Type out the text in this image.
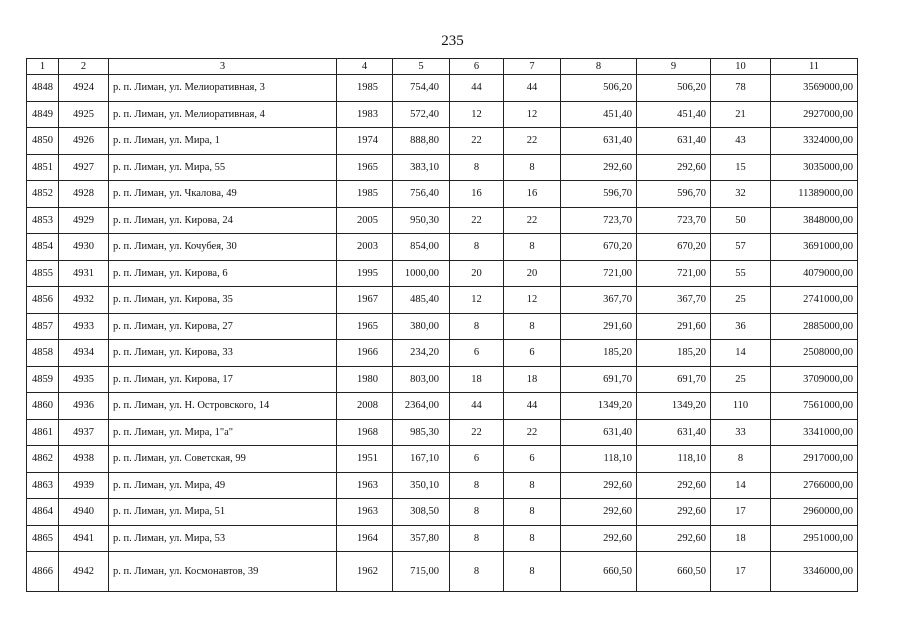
235
1	2	3	4	5	6	7	8	9	10	11
4848	4924	р. п. Лиман, ул. Мелиоративная, 3	1985	754,40	44	44	506,20	506,20	78	3569000,00
4849	4925	р. п. Лиман, ул. Мелиоративная, 4	1983	572,40	12	12	451,40	451,40	21	2927000,00
4850	4926	р. п. Лиман, ул. Мира, 1	1974	888,80	22	22	631,40	631,40	43	3324000,00
4851	4927	р. п. Лиман, ул. Мира, 55	1965	383,10	8	8	292,60	292,60	15	3035000,00
4852	4928	р. п. Лиман, ул. Чкалова, 49	1985	756,40	16	16	596,70	596,70	32	11389000,00
4853	4929	р. п. Лиман, ул. Кирова, 24	2005	950,30	22	22	723,70	723,70	50	3848000,00
4854	4930	р. п. Лиман, ул. Кочубея, 30	2003	854,00	8	8	670,20	670,20	57	3691000,00
4855	4931	р. п. Лиман, ул. Кирова, 6	1995	1000,00	20	20	721,00	721,00	55	4079000,00
4856	4932	р. п. Лиман, ул. Кирова, 35	1967	485,40	12	12	367,70	367,70	25	2741000,00
4857	4933	р. п. Лиман, ул. Кирова, 27	1965	380,00	8	8	291,60	291,60	36	2885000,00
4858	4934	р. п. Лиман, ул. Кирова, 33	1966	234,20	6	6	185,20	185,20	14	2508000,00
4859	4935	р. п. Лиман, ул. Кирова, 17	1980	803,00	18	18	691,70	691,70	25	3709000,00
4860	4936	р. п. Лиман, ул. Н. Островского, 14	2008	2364,00	44	44	1349,20	1349,20	110	7561000,00
4861	4937	р. п. Лиман, ул. Мира, 1"а"	1968	985,30	22	22	631,40	631,40	33	3341000,00
4862	4938	р. п. Лиман, ул. Советская, 99	1951	167,10	6	6	118,10	118,10	8	2917000,00
4863	4939	р. п. Лиман, ул. Мира, 49	1963	350,10	8	8	292,60	292,60	14	2766000,00
4864	4940	р. п. Лиман, ул. Мира, 51	1963	308,50	8	8	292,60	292,60	17	2960000,00
4865	4941	р. п. Лиман, ул. Мира, 53	1964	357,80	8	8	292,60	292,60	18	2951000,00
4866	4942	р. п. Лиман, ул. Космонавтов, 39	1962	715,00	8	8	660,50	660,50	17	3346000,00
